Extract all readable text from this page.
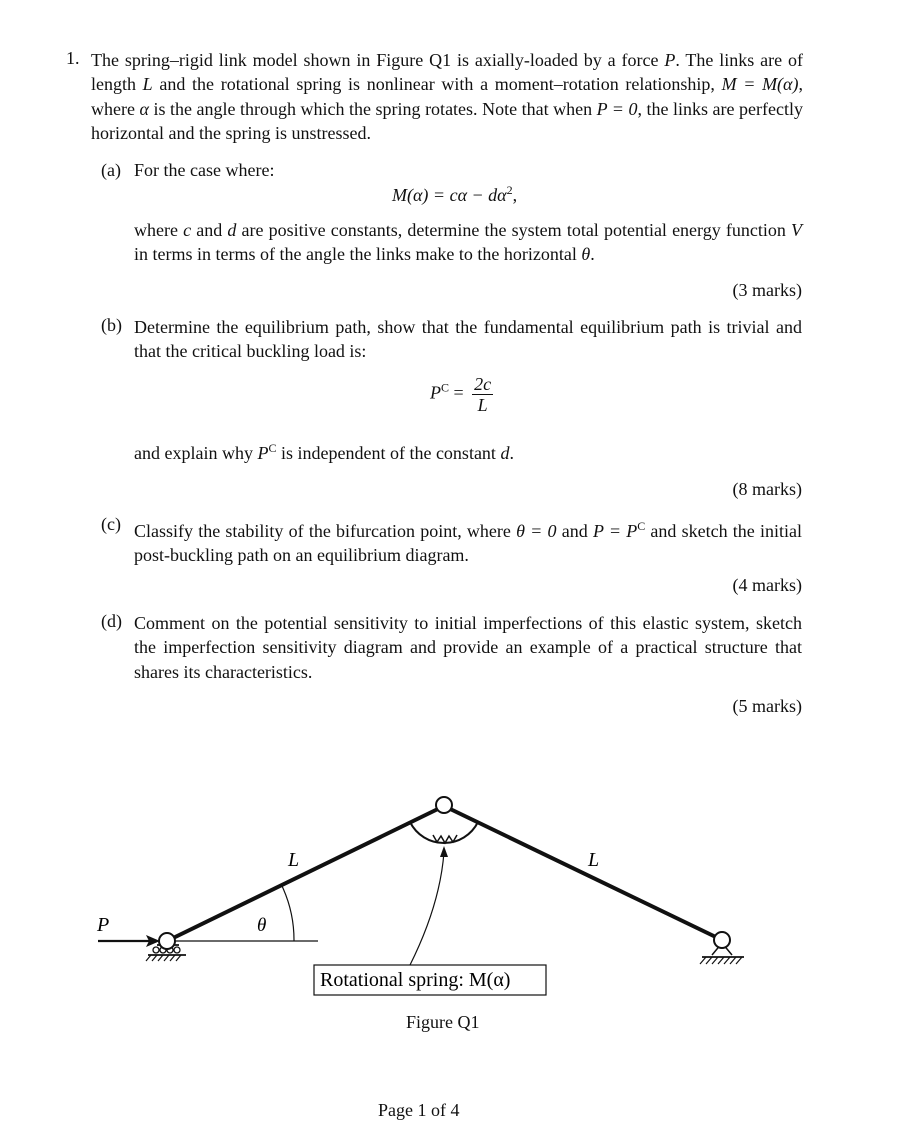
1. The spring–rigid link model shown in Figure Q1 is axially-loaded by a force P. The links are of length L and the rotational spring is nonlinear with a moment–rotation relationship, M = M(α), where α is the angle through which the spring rotates. Note that when P = 0, the links are perfectly horizontal and the spring is unstressed.

(a) For the case where:
$M(\alpha) = c\alpha - d\alpha^2$,
where c and d are positive constants, determine the system total potential energy function V in terms in terms of the angle the links make to the horizontal θ.
(3 marks)
(b) Determine the equilibrium path, show that the fundamental equilibrium path is trivial and that the critical buckling load is:
$P^C = \frac{2c}{L}$
and explain why $P^C$ is independent of the constant d.
(8 marks)
(c) Classify the stability of the bifurcation point, where θ = 0 and $P = P^C$ and sketch the initial post-buckling path on an equilibrium diagram.
(4 marks)
(d) Comment on the potential sensitivity to initial imperfections of this elastic system, sketch the imperfection sensitivity diagram and provide an example of a practical structure that shares its characteristics.
(5 marks)
P
L	L
θ
Rotational spring: M(α)
Figure Q1
Page 1 of 4
